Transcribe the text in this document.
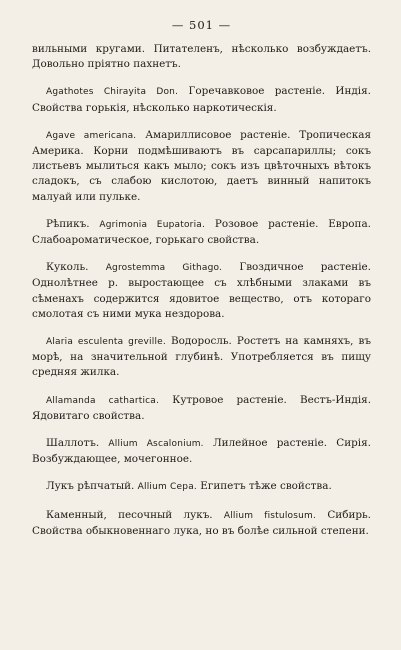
— 501 —

вильными кругами. Питателенъ, нѣсколько возбуждаетъ. Довольно пріятно пахнетъ.

Agathotes Chirayita Don. Горечавковое растеніе. Индія. Свойства горькія, нѣсколько наркотическія.

Agave americana. Амариллисовое растеніе. Тропическая Америка. Корни подмѣшиваютъ въ сарсапариллы; сокъ листьевъ мылиться какъ мыло; сокъ изъ цвѣточныхъ вѣтокъ сладокъ, съ слабою кислотою, даетъ винный напитокъ малуай или пульке.

Рѣпикъ. Agrimonia Eupatoria. Розовое растеніе. Европа. Слабоароматическое, горькаго свойства.

Куколь. Agrostemma Githago. Гвоздичное растеніе. Однолѣтнее р. выростающее съ хлѣбными злаками въ сѣменахъ содержится ядовитое вещество, отъ котораго смолотая съ ними мука нездорова.

Alaria esculenta greville. Водоросль. Ростетъ на камняхъ, въ морѣ, на значительной глубинѣ. Употребляется въ пищу средняя жилка.

Allamanda cathartica. Кутровое растеніе. Вестъ-Индія. Ядовитаго свойства.

Шаллотъ. Allium Ascalonium. Лилейное растеніе. Сирія. Возбуждающее, мочегонное.

Лукъ рѣпчатый. Allium Cepa. Египетъ тѣже свойства.

Каменный, песочный лукъ. Allium fistulosum. Сибирь. Свойства обыкновеннаго лука, но въ болѣе сильной степени.
